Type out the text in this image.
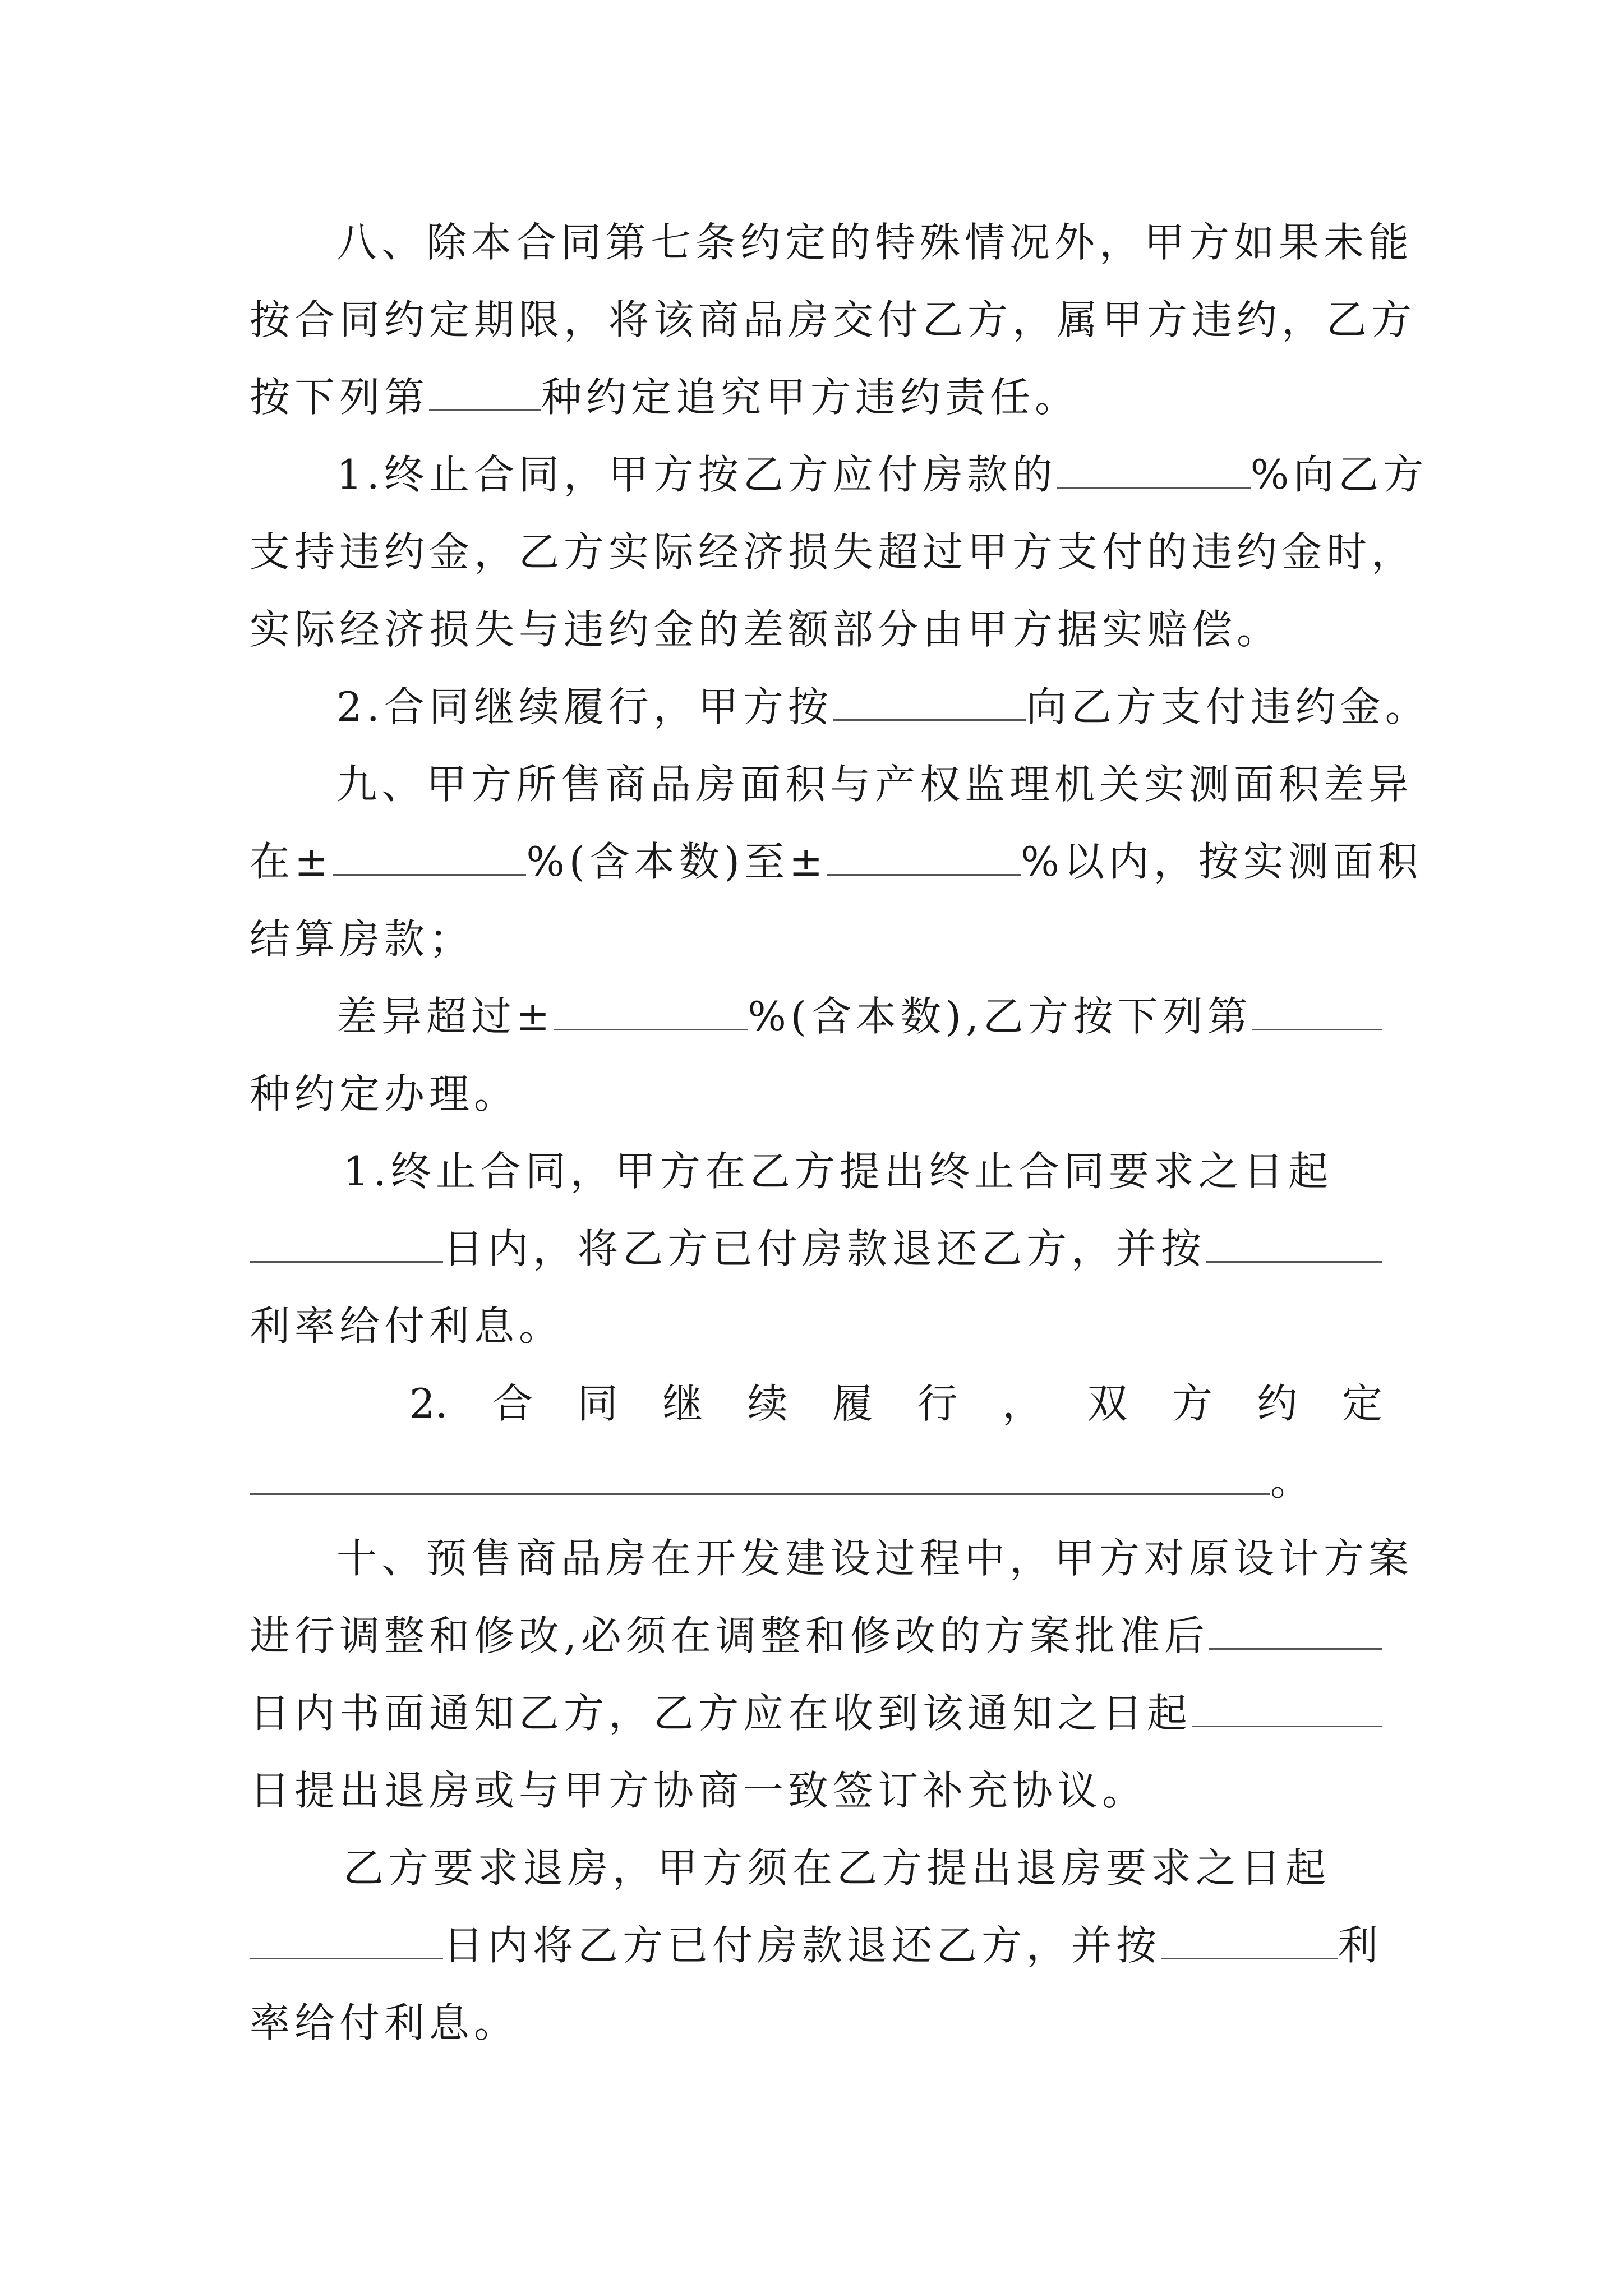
八、除本合同第七条约定的特殊情况外，甲方如果未能
按合同约定期限，将该商品房交付乙方，属甲方违约，乙方
按下列第	种约定追究甲方违约责任。
1.终止合同，甲方按乙方应付房款的	%向乙方
支持违约金，乙方实际经济损失超过甲方支付的违约金时，
实际经济损失与违约金的差额部分由甲方据实赔偿。
2.合同继续履行，甲方按	向乙方支付违约金。
九、甲方所售商品房面积与产权监理机关实测面积差异
在±	%(含本数)至±	%以内，按实测面积
结算房款；
差异超过±	%(含本数),乙方按下列第
种约定办理。
1.终止合同，甲方在乙方提出终止合同要求之日起
日内，将乙方已付房款退还乙方，并按
利率给付利息。
2. 合 同 继 续 履 行 ， 双 方 约 定
。
十、预售商品房在开发建设过程中，甲方对原设计方案
进行调整和修改,必须在调整和修改的方案批准后
日内书面通知乙方，乙方应在收到该通知之日起
日提出退房或与甲方协商一致签订补充协议。
乙方要求退房，甲方须在乙方提出退房要求之日起
日内将乙方已付房款退还乙方，并按	利
率给付利息。
